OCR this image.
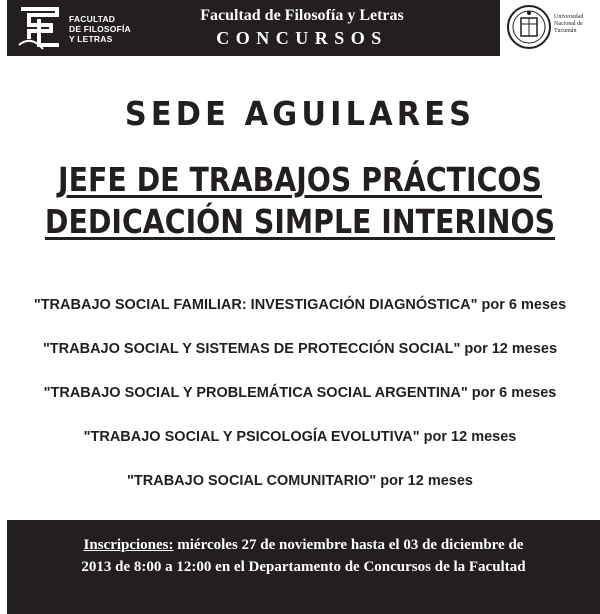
FACULTAD
DE FILOSOFÍA
Y LETRAS
Facultad de Filosofía y Letras
CONCURSOS
Universidad
Nacional de
Tucumán
SEDE AGUILARES
JEFE DE TRABAJOS PRÁCTICOS
DEDICACIÓN SIMPLE INTERINOS
"TRABAJO SOCIAL FAMILIAR: INVESTIGACIÓN DIAGNÓSTICA" por 6 meses
"TRABAJO SOCIAL Y SISTEMAS DE PROTECCIÓN SOCIAL" por 12 meses
"TRABAJO SOCIAL Y PROBLEMÁTICA SOCIAL ARGENTINA" por 6 meses
"TRABAJO SOCIAL Y PSICOLOGÍA EVOLUTIVA" por 12 meses
"TRABAJO SOCIAL COMUNITARIO" por 12 meses
Inscripciones: miércoles 27 de noviembre hasta el 03 de diciembre de
2013 de 8:00 a 12:00 en el Departamento de Concursos de la Facultad
